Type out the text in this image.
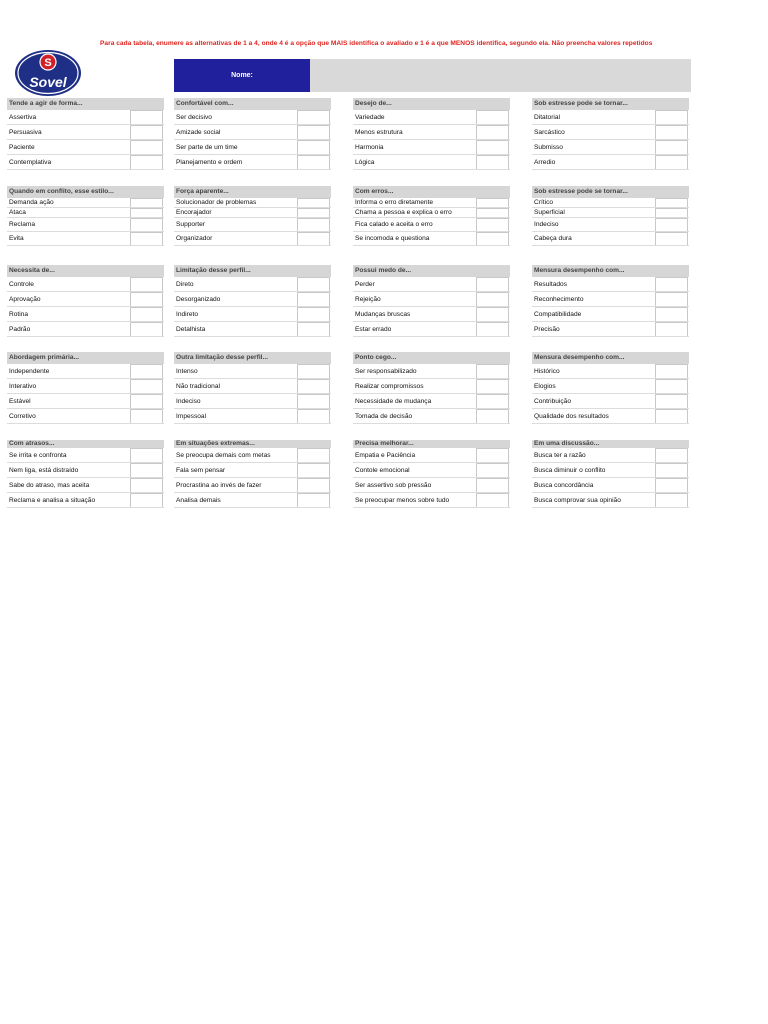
Para cada tabela, enumere as alternativas de 1 a 4, onde 4 é a opção que MAIS identifica o avaliado e 1 é a que MENOS identifica, segundo ela. Não preencha valores repetidos
S
Sovel	Nome:
Tende a agir de forma...
Assertiva
Persuasiva
Paciente
Contemplativa
Confortável com...
Ser decisivo
Amizade social
Ser parte de um time
Planejamento e ordem
Desejo de...
Variedade
Menos estrutura
Harmonia
Lógica
Sob estresse pode se tornar...
Ditatorial
Sarcástico
Submisso
Arredio
Quando em conflito, esse estilo...
Demanda ação
Ataca
Reclama
Evita
Força aparente...
Solucionador de problemas
Encorajador
Supporter
Organizador
Com erros...
Informa o erro diretamente
Chama a pessoa e explica o erro
Fica calado e aceita o erro
Se incomoda e questiona
Sob estresse pode se tornar...
Crítico
Superficial
Indeciso
Cabeça dura
Necessita de...
Controle
Aprovação
Rotina
Padrão
Limitação desse perfil...
Direto
Desorganizado
Indireto
Detalhista
Possui medo de...
Perder
Rejeição
Mudanças bruscas
Estar errado
Mensura desempenho com...
Resultados
Reconhecimento
Compatibilidade
Precisão
Abordagem primária...
Independente
Interativo
Estável
Corretivo
Outra limitação desse perfil...
Intenso
Não tradicional
Indeciso
Impessoal
Ponto cego...
Ser responsabilizado
Realizar compromissos
Necessidade de mudança
Tomada de decisão
Mensura desempenho com...
Histórico
Elogios
Contribuição
Qualidade dos resultados
Com atrasos...
Se irrita e confronta
Nem liga, está distraído
Sabe do atraso, mas aceita
Reclama e analisa a situação
Em situações extremas...
Se preocupa demais com metas
Fala sem pensar
Procrastina ao invés de fazer
Analisa demais
Precisa melhorar...
Empatia e Paciência
Contole emocional
Ser assertivo sob pressão
Se preocupar menos sobre tudo
Em uma discussão...
Busca ter a razão
Busca diminuir o conflito
Busca concordância
Busca comprovar sua opinião
